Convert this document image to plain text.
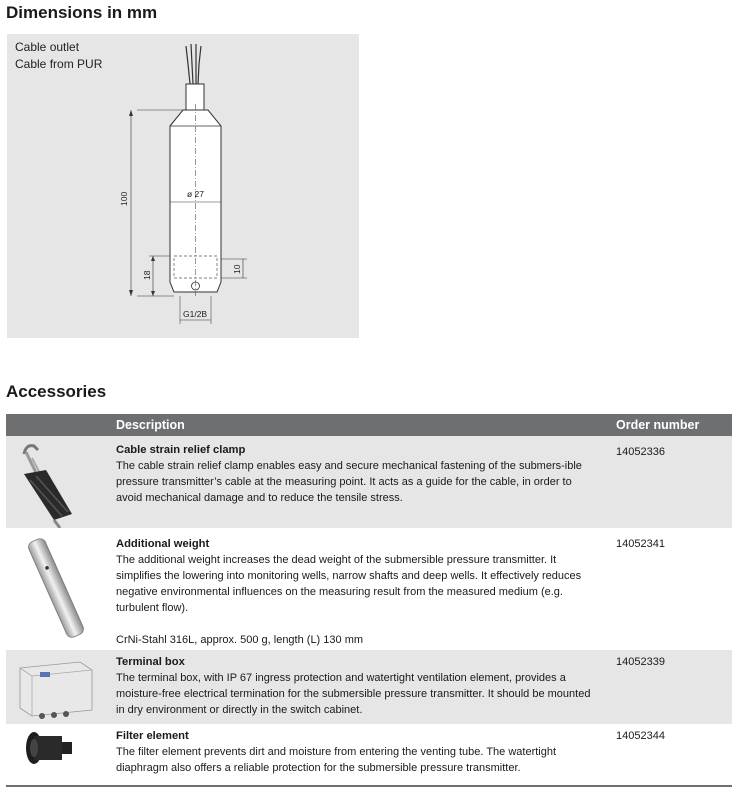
Dimensions in mm
Cable outlet
Cable from PUR
ø 27
100
18
10
G1/2B
Accessories
Description	Order number

Cable strain relief clamp

The cable strain relief clamp enables easy and secure mechanical fastening of the submers-ible pressure transmitter’s cable at the measuring point. It acts as a guide for the cable, in order to avoid mechanical damage and to reduce the tensile stress.

14052336

Additional weight

The additional weight increases the dead weight of the submersible pressure transmitter. It simplifies the lowering into monitoring wells, narrow shafts and deep wells. It effectively reduces negative environmental influences on the measuring result from the measured medium (e.g. turbulent flow).

CrNi-Stahl 316L, approx. 500 g, length (L) 130 mm

14052341

Terminal box

The terminal box, with IP 67 ingress protection and watertight ventilation element, provides a moisture-free electrical termination for the submersible pressure transmitter. It should be mounted in dry environment or directly in the switch cabinet.

14052339

Filter element

The filter element prevents dirt and moisture from entering the venting tube. The watertight diaphragm also offers a reliable protection for the submersible pressure transmitter.

14052344
